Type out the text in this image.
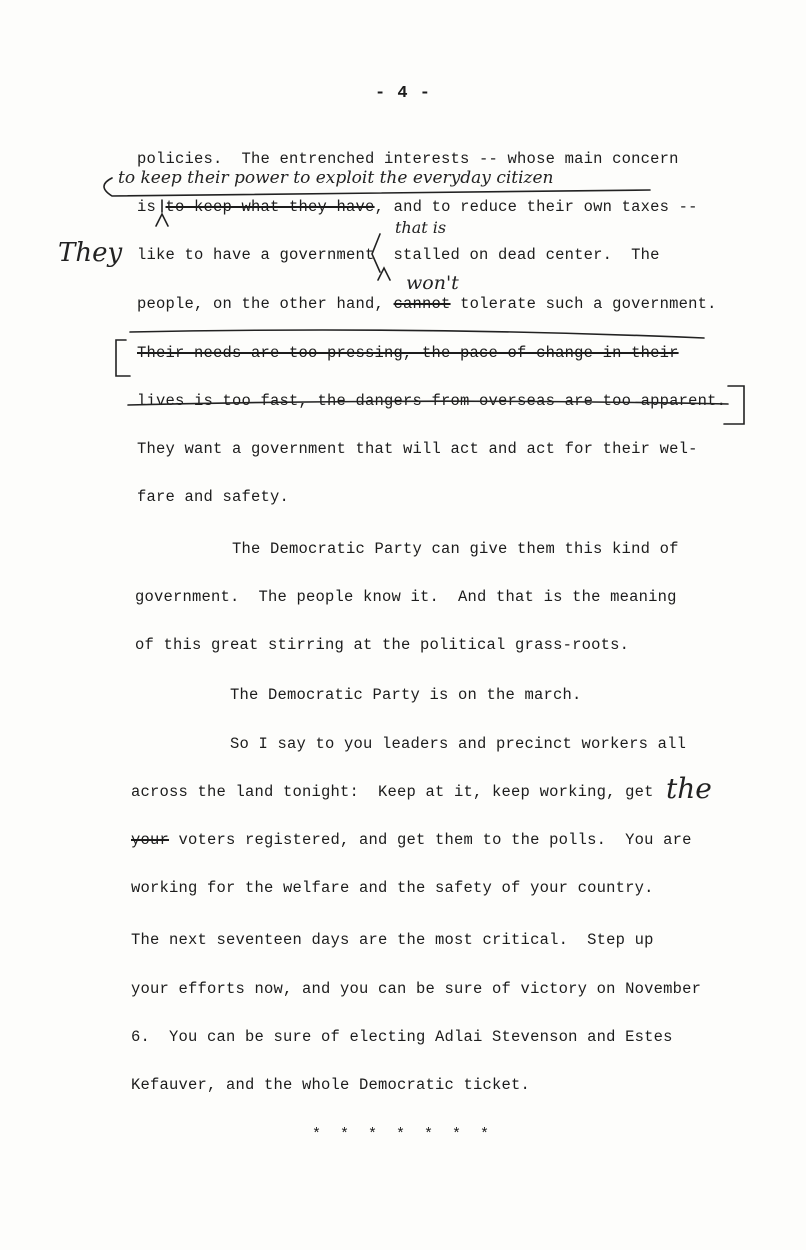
- 4 -
to keep their power to exploit the everyday citizen
They
that is
won't
the
policies.  The entrenched interests -- whose main concern
is to keep what they have, and to reduce their own taxes --
like to have a government  stalled on dead center.  The
people, on the other hand, cannot tolerate such a government.
Their needs are too pressing, the pace of change in their
lives is too fast, the dangers from overseas are too apparent.
They want a government that will act and act for their wel-
fare and safety.
The Democratic Party can give them this kind of
government.  The people know it.  And that is the meaning
of this great stirring at the political grass-roots.
The Democratic Party is on the march.
So I say to you leaders and precinct workers all
across the land tonight:  Keep at it, keep working, get
your voters registered, and get them to the polls.  You are
working for the welfare and the safety of your country.
The next seventeen days are the most critical.  Step up
your efforts now, and you can be sure of victory on November
6.  You can be sure of electing Adlai Stevenson and Estes
Kefauver, and the whole Democratic ticket.
* * * * * * *
